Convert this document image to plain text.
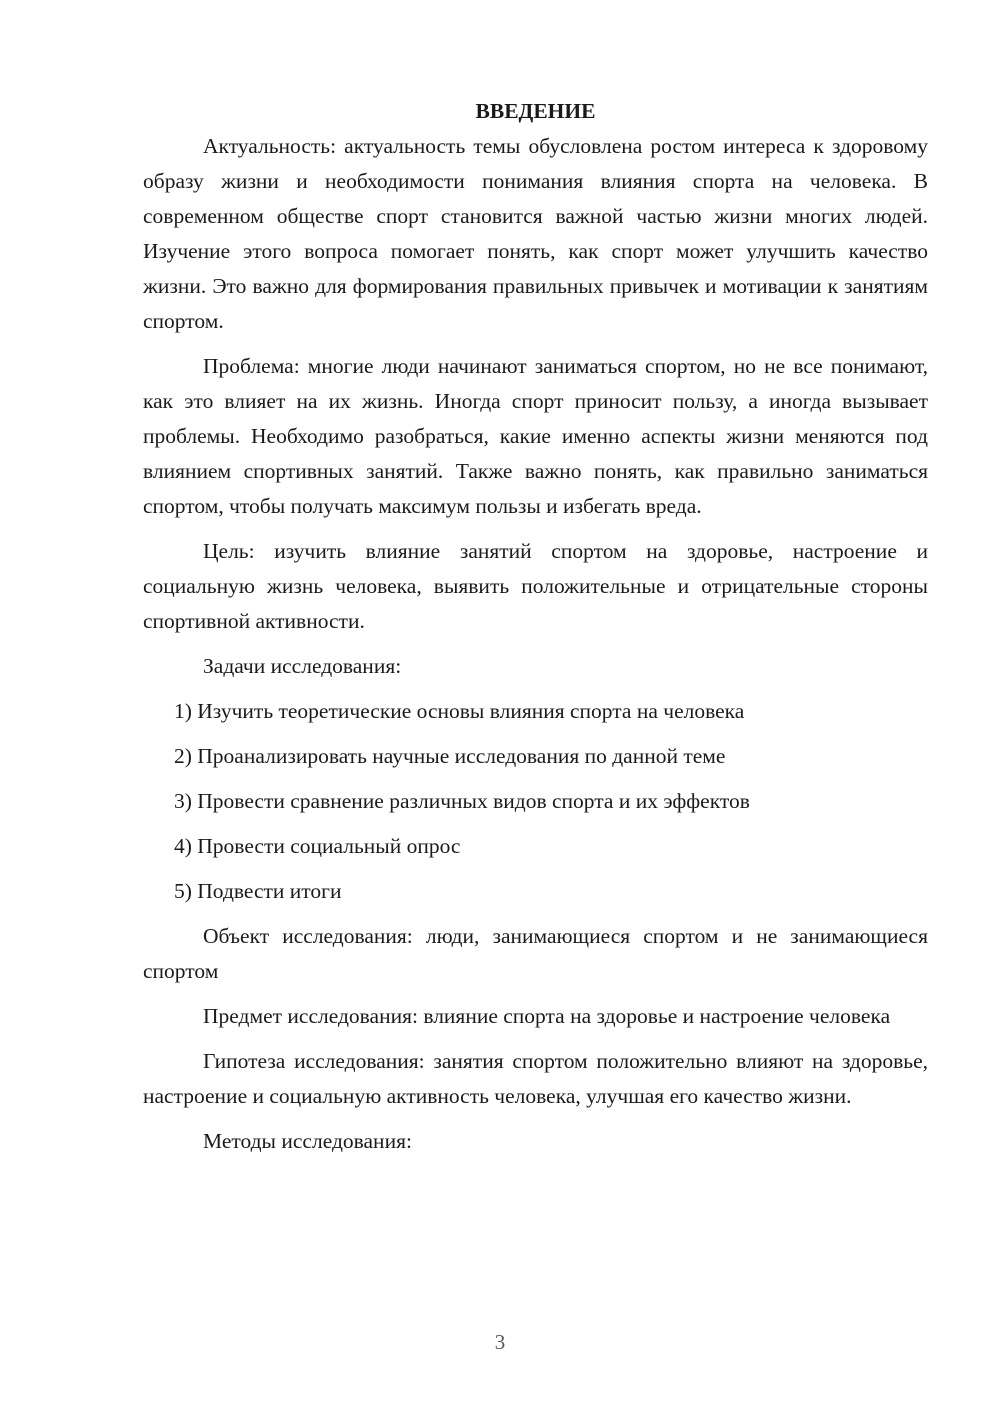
ВВЕДЕНИЕ

Актуальность: актуальность темы обусловлена ростом интереса к здоровому образу жизни и необходимости понимания влияния спорта на человека. В современном обществе спорт становится важной частью жизни многих людей. Изучение этого вопроса помогает понять, как спорт может улучшить качество жизни. Это важно для формирования правильных привычек и мотивации к занятиям спортом.

Проблема: многие люди начинают заниматься спортом, но не все понимают, как это влияет на их жизнь. Иногда спорт приносит пользу, а иногда вызывает проблемы. Необходимо разобраться, какие именно аспекты жизни меняются под влиянием спортивных занятий. Также важно понять, как правильно заниматься спортом, чтобы получать максимум пользы и избегать вреда.

Цель: изучить влияние занятий спортом на здоровье, настроение и социальную жизнь человека, выявить положительные и отрицательные стороны спортивной активности.

Задачи исследования:

1) Изучить теоретические основы влияния спорта на человека
2) Проанализировать научные исследования по данной теме
3) Провести сравнение различных видов спорта и их эффектов
4) Провести социальный опрос
5) Подвести итоги

Объект исследования: люди, занимающиеся спортом и не занимающиеся спортом

Предмет исследования: влияние спорта на здоровье и настроение человека

Гипотеза исследования: занятия спортом положительно влияют на здоровье, настроение и социальную активность человека, улучшая его качество жизни.

Методы исследования:

3
